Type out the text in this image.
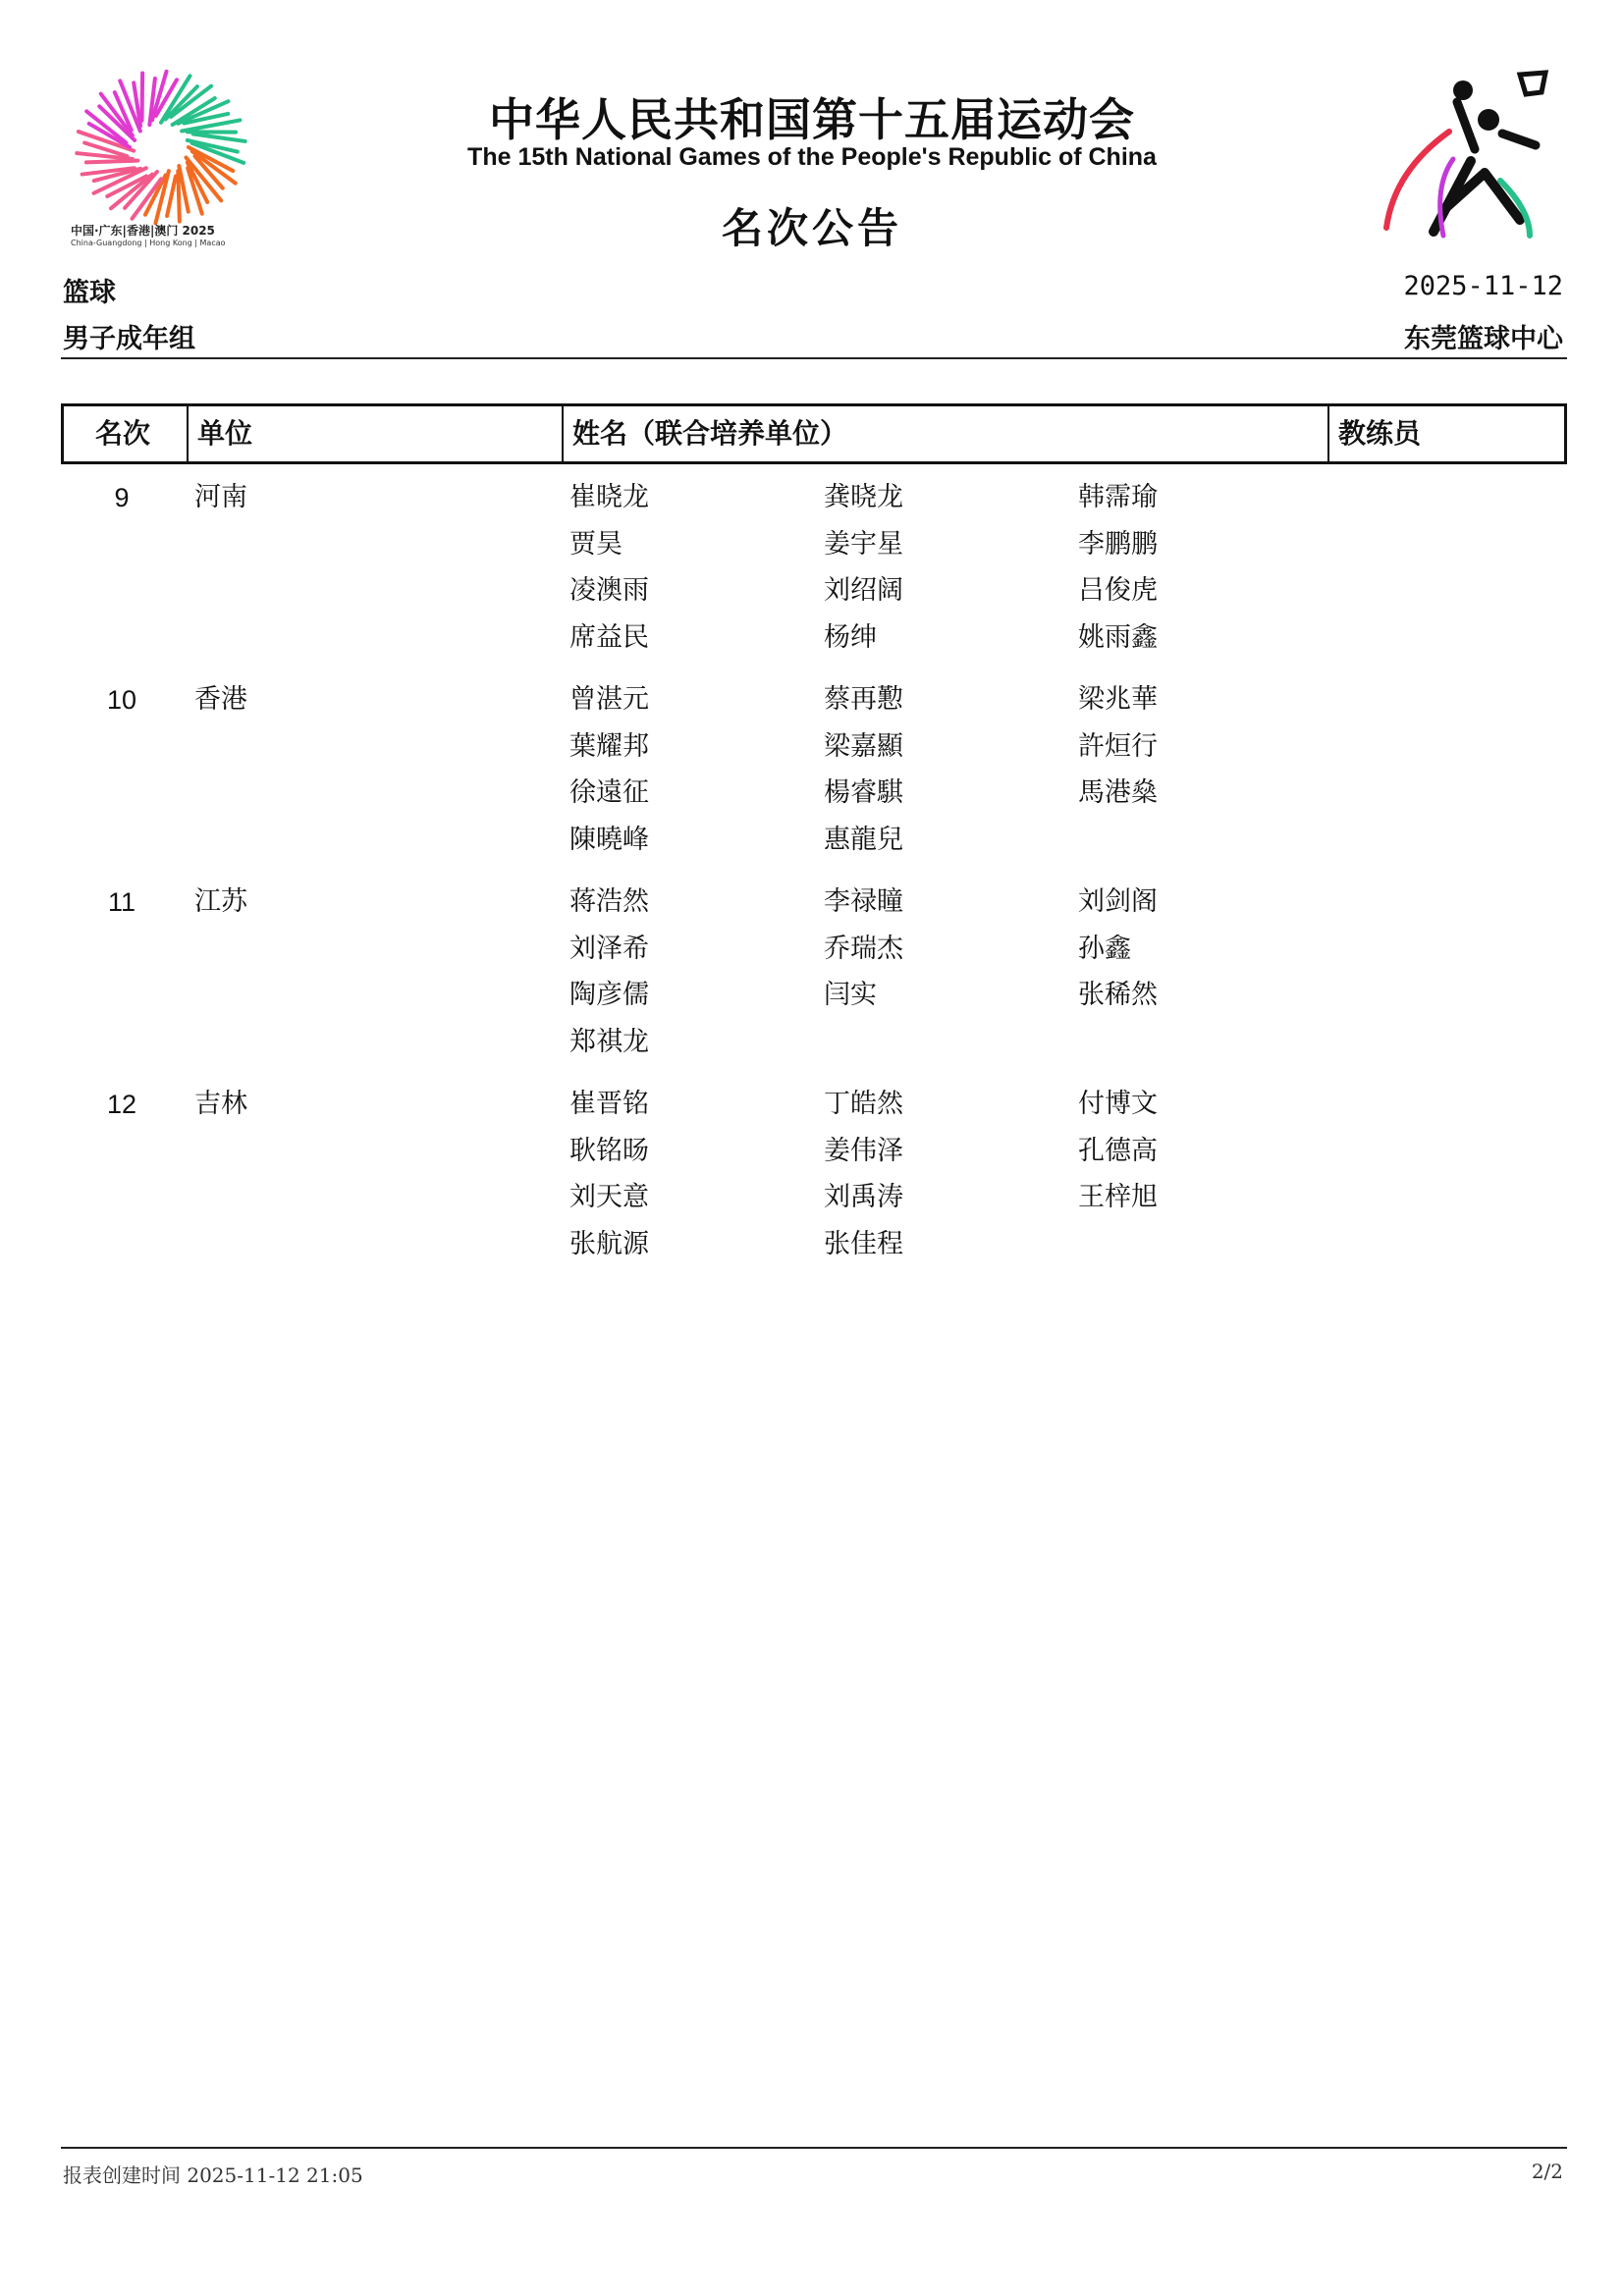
中国·广东|香港|澳门 2025
China-Guangdong | Hong Kong | Macao
中华人民共和国第十五届运动会
The 15th National Games of the People's Republic of China
名次公告
篮球
男子成年组
2025-11-12
东莞篮球中心
名次 单位	姓名（联合培养单位）	教练员
9	河南	崔晓龙	龚晓龙	韩霈瑜
贾昊	姜宇星	李鹏鹏
凌澳雨	刘绍阔	吕俊虎
席益民	杨绅	姚雨鑫
10	香港	曾湛元	蔡再懃	梁兆華
葉耀邦	梁嘉顯	許烜行
徐遠征	楊睿騏	馬港燊
陳曉峰	惠龍兒
11	江苏	蒋浩然	李禄瞳	刘剑阁
刘泽希	乔瑞杰	孙鑫
陶彦儒	闫实	张稀然
郑祺龙
12	吉林	崔晋铭	丁皓然	付博文
耿铭旸	姜伟泽	孔德高
刘天意	刘禹涛	王梓旭
张航源	张佳程
报表创建时间 2025-11-12 21:05	2/2
